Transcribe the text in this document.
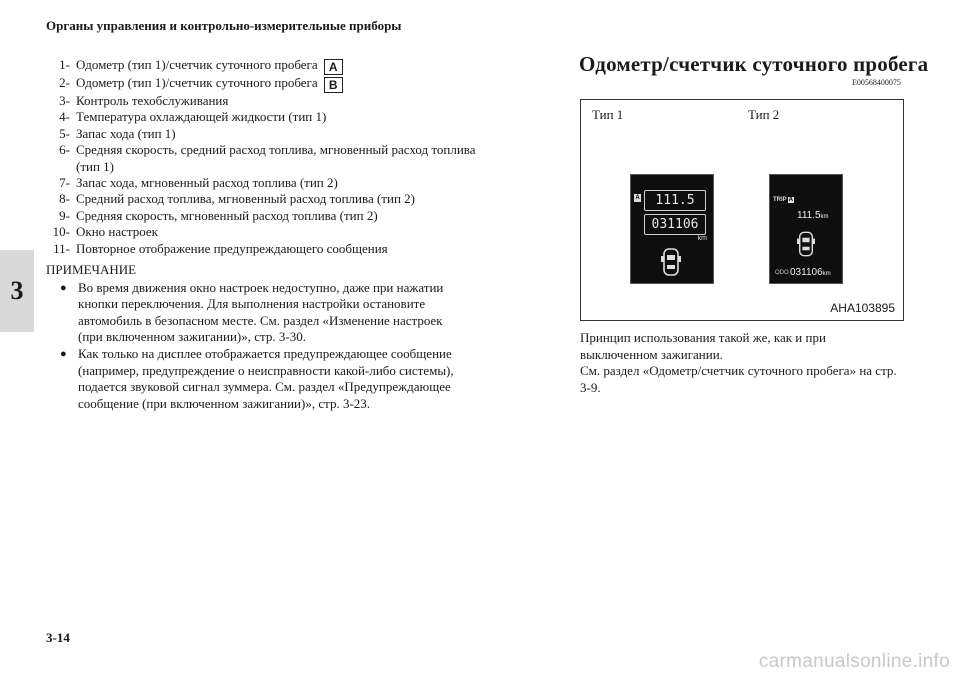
Органы управления и контрольно-измерительные приборы
3
1- Одометр (тип 1)/счетчик суточного пробега A
2- Одометр (тип 1)/счетчик суточного пробега B
3- Контроль техобслуживания
4- Температура охлаждающей жидкости (тип 1)
5- Запас хода (тип 1)
6- Средняя скорость, средний расход топлива, мгновенный расход топлива (тип 1)
7- Запас хода, мгновенный расход топлива (тип 2)
8- Средний расход топлива, мгновенный расход топлива (тип 2)
9- Средняя скорость, мгновенный расход топлива (тип 2)
10- Окно настроек
11- Повторное отображение предупреждающего сообщения
ПРИМЕЧАНИЕ
● Во время движения окно настроек недоступно, даже при нажатии кнопки переключения. Для выполнения настройки остановите автомобиль в безопасном месте. См. раздел «Изменение настроек (при включенном зажигании)», стр. 3-30.
● Как только на дисплее отображается предупреждающее сообщение (например, предупреждение о неисправности какой-либо системы), подается звуковой сигнал зуммера. См. раздел «Предупреждающее сообщение (при включенном зажигании)», стр. 3-23.
Одометр/счетчик суточного пробега
E00568400075
Тип 1	Тип 2
A	111.5
031106
km
TRIP A
111.5km
ODO 031106km
AHA103895
Принцип использования такой же, как и при выключенном зажигании.
См. раздел «Одометр/счетчик суточного пробега» на стр. 3-9.
3-14
carmanualsonline.info
